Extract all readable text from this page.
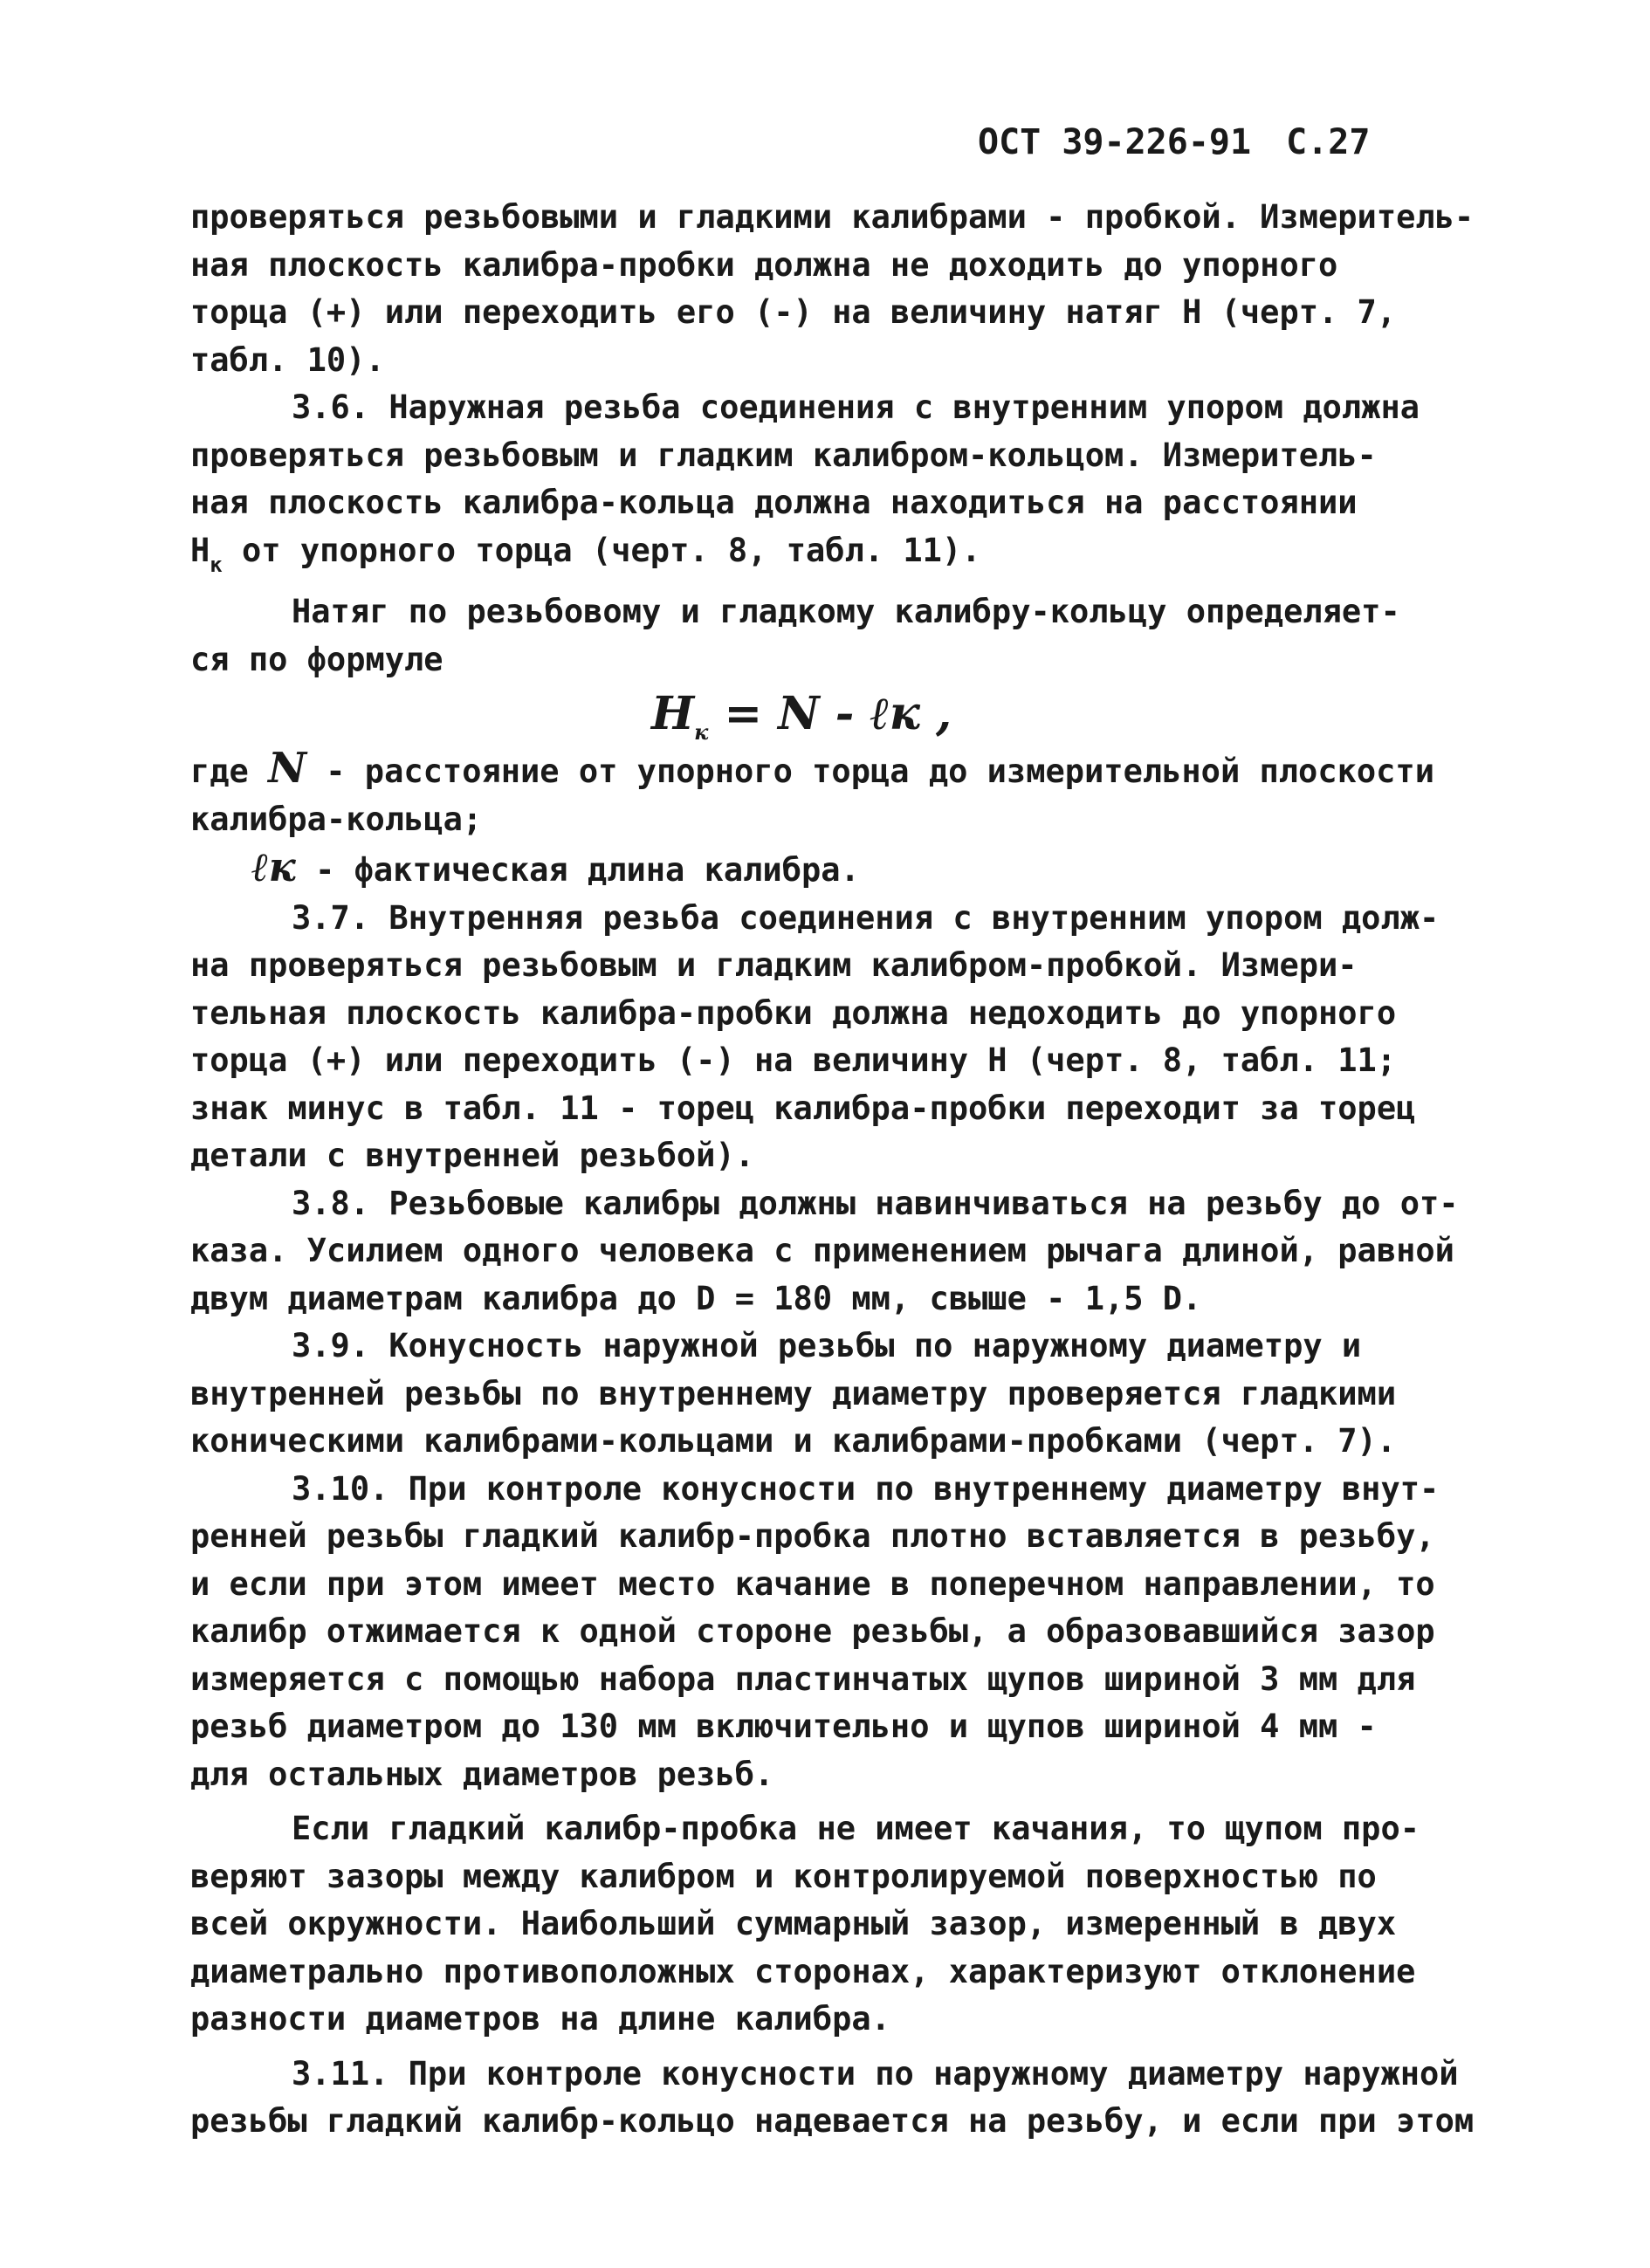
ОСТ 39-226-91 С.27

проверяться резьбовыми и гладкими калибрами - пробкой. Измеритель-

ная плоскость калибра-пробки должна не доходить до упорного

торца (+) или переходить его (-) на величину натяг Н (черт. 7,

табл. 10).

3.6. Наружная резьба соединения с внутренним упором должна

проверяться резьбовым и гладким калибром-кольцом. Измеритель-

ная плоскость калибра-кольца должна находиться на расстоянии

$Н_к$ от упорного торца (черт. 8, табл. 11).

Натяг по резьбовому и гладкому калибру-кольцу определяет-

ся по формуле

$Н_к = N$ - ℓк ,

где N - расстояние от упорного торца до измерительной плоскости

калибра-кольца;

ℓк - фактическая длина калибра.

3.7. Внутренняя резьба соединения с внутренним упором долж-

на проверяться резьбовым и гладким калибром-пробкой. Измери-

тельная плоскость калибра-пробки должна недоходить до упорного

торца (+) или переходить (-) на величину Н (черт. 8, табл. 11;

знак минус в табл. 11 - торец калибра-пробки переходит за торец

детали с внутренней резьбой).

3.8. Резьбовые калибры должны навинчиваться на резьбу до от-

каза. Усилием одного человека с применением рычага длиной, равной

двум диаметрам калибра до D = 180 мм, свыше - 1,5 D.

3.9. Конусность наружной резьбы по наружному диаметру и

внутренней резьбы по внутреннему диаметру проверяется гладкими

коническими калибрами-кольцами и калибрами-пробками (черт. 7).

3.10. При контроле конусности по внутреннему диаметру внут-

ренней резьбы гладкий калибр-пробка плотно вставляется в резьбу,

и если при этом имеет место качание в поперечном направлении, то

калибр отжимается к одной стороне резьбы, а образовавшийся зазор

измеряется с помощью набора пластинчатых щупов шириной 3 мм для

резьб диаметром до 130 мм включительно и щупов шириной 4 мм -

для остальных диаметров резьб.

Если гладкий калибр-пробка не имеет качания, то щупом про-

веряют зазоры между калибром и контролируемой поверхностью по

всей окружности. Наибольший суммарный зазор, измеренный в двух

диаметрально противоположных сторонах, характеризуют отклонение

разности диаметров на длине калибра.

3.11. При контроле конусности по наружному диаметру наружной

резьбы гладкий калибр-кольцо надевается на резьбу, и если при этом
